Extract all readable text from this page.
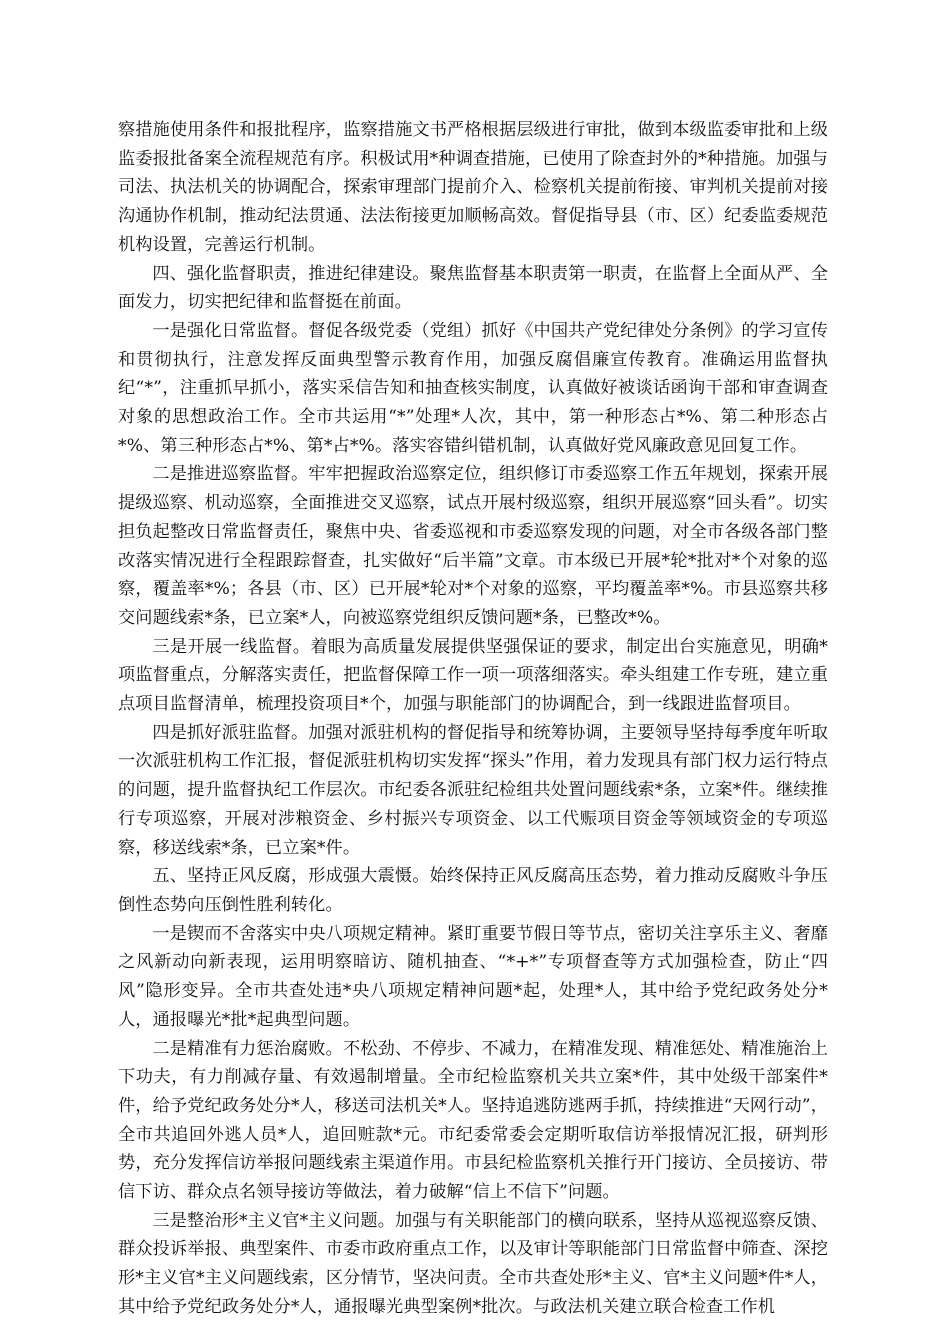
察措施使用条件和报批程序，监察措施文书严格根据层级进行审批，做到本级监委审批和上级监委报批备案全流程规范有序。积极试用*种调查措施，已使用了除查封外的*种措施。加强与司法、执法机关的协调配合，探索审理部门提前介入、检察机关提前衔接、审判机关提前对接沟通协作机制，推动纪法贯通、法法衔接更加顺畅高效。督促指导县（市、区）纪委监委规范机构设置，完善运行机制。

四、强化监督职责，推进纪律建设。聚焦监督基本职责第一职责，在监督上全面从严、全面发力，切实把纪律和监督挺在前面。

一是强化日常监督。督促各级党委（党组）抓好《中国共产党纪律处分条例》的学习宣传和贯彻执行，注意发挥反面典型警示教育作用，加强反腐倡廉宣传教育。准确运用监督执纪“*”，注重抓早抓小，落实采信告知和抽查核实制度，认真做好被谈话函询干部和审查调查对象的思想政治工作。全市共运用“*”处理*人次，其中，第一种形态占*%、第二种形态占*%、第三种形态占*%、第*占*%。落实容错纠错机制，认真做好党风廉政意见回复工作。

二是推进巡察监督。牢牢把握政治巡察定位，组织修订市委巡察工作五年规划，探索开展提级巡察、机动巡察，全面推进交叉巡察，试点开展村级巡察，组织开展巡察“回头看”。切实担负起整改日常监督责任，聚焦中央、省委巡视和市委巡察发现的问题，对全市各级各部门整改落实情况进行全程跟踪督查，扎实做好“后半篇”文章。市本级已开展*轮*批对*个对象的巡察，覆盖率*%；各县（市、区）已开展*轮对*个对象的巡察，平均覆盖率*%。市县巡察共移交问题线索*条，已立案*人，向被巡察党组织反馈问题*条，已整改*%。

三是开展一线监督。着眼为高质量发展提供坚强保证的要求，制定出台实施意见，明确*项监督重点，分解落实责任，把监督保障工作一项一项落细落实。牵头组建工作专班，建立重点项目监督清单，梳理投资项目*个，加强与职能部门的协调配合，到一线跟进监督项目。

四是抓好派驻监督。加强对派驻机构的督促指导和统筹协调，主要领导坚持每季度年听取一次派驻机构工作汇报，督促派驻机构切实发挥“探头”作用，着力发现具有部门权力运行特点的问题，提升监督执纪工作层次。市纪委各派驻纪检组共处置问题线索*条，立案*件。继续推行专项巡察，开展对涉粮资金、乡村振兴专项资金、以工代赈项目资金等领域资金的专项巡察，移送线索*条，已立案*件。

五、坚持正风反腐，形成强大震慑。始终保持正风反腐高压态势，着力推动反腐败斗争压倒性态势向压倒性胜利转化。

一是锲而不舍落实中央八项规定精神。紧盯重要节假日等节点，密切关注享乐主义、奢靡之风新动向新表现，运用明察暗访、随机抽查、“*+*”专项督查等方式加强检查，防止“四风”隐形变异。全市共查处违*央八项规定精神问题*起，处理*人，其中给予党纪政务处分*人，通报曝光*批*起典型问题。

二是精准有力惩治腐败。不松劲、不停步、不减力，在精准发现、精准惩处、精准施治上下功夫，有力削减存量、有效遏制增量。全市纪检监察机关共立案*件，其中处级干部案件*件，给予党纪政务处分*人，移送司法机关*人。坚持追逃防逃两手抓，持续推进“天网行动”，全市共追回外逃人员*人，追回赃款*元。市纪委常委会定期听取信访举报情况汇报，研判形势，充分发挥信访举报问题线索主渠道作用。市县纪检监察机关推行开门接访、全员接访、带信下访、群众点名领导接访等做法，着力破解“信上不信下”问题。

三是整治形*主义官*主义问题。加强与有关职能部门的横向联系，坚持从巡视巡察反馈、群众投诉举报、典型案件、市委市政府重点工作，以及审计等职能部门日常监督中筛查、深挖形*主义官*主义问题线索，区分情节，坚决问责。全市共查处形*主义、官*主义问题*件*人，其中给予党纪政务处分*人，通报曝光典型案例*批次。与政法机关建立联合检查工作机
